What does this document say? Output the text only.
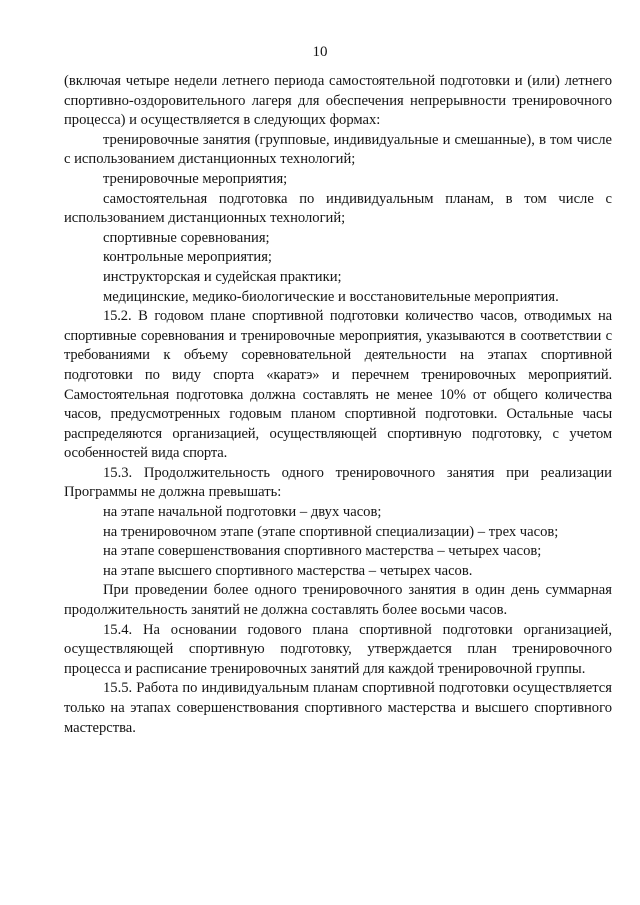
10

(включая четыре недели летнего периода самостоятельной подготовки и (или) летнего спортивно-оздоровительного лагеря для обеспечения непрерывности тренировочного процесса) и осуществляется в следующих формах:

тренировочные занятия (групповые, индивидуальные и смешанные), в том числе с использованием дистанционных технологий;

тренировочные мероприятия;

самостоятельная подготовка по индивидуальным планам, в том числе с использованием дистанционных технологий;

спортивные соревнования;

контрольные мероприятия;

инструкторская и судейская практики;

медицинские, медико-биологические и восстановительные мероприятия.

15.2. В годовом плане спортивной подготовки количество часов, отводимых на спортивные соревнования и тренировочные мероприятия, указываются в соответствии с требованиями к объему соревновательной деятельности на этапах спортивной подготовки по виду спорта «каратэ» и перечнем тренировочных мероприятий. Самостоятельная подготовка должна составлять не менее 10% от общего количества часов, предусмотренных годовым планом спортивной подготовки. Остальные часы распределяются организацией, осуществляющей спортивную подготовку, с учетом особенностей вида спорта.

15.3. Продолжительность одного тренировочного занятия при реализации Программы не должна превышать:

на этапе начальной подготовки – двух часов;

на тренировочном этапе (этапе спортивной специализации) – трех часов;

на этапе совершенствования спортивного мастерства – четырех часов;

на этапе высшего спортивного мастерства – четырех часов.

При проведении более одного тренировочного занятия в один день суммарная продолжительность занятий не должна составлять более восьми часов.

15.4. На основании годового плана спортивной подготовки организацией, осуществляющей спортивную подготовку, утверждается план тренировочного процесса и расписание тренировочных занятий для каждой тренировочной группы.

15.5. Работа по индивидуальным планам спортивной подготовки осуществляется только на этапах совершенствования спортивного мастерства и высшего спортивного мастерства.
